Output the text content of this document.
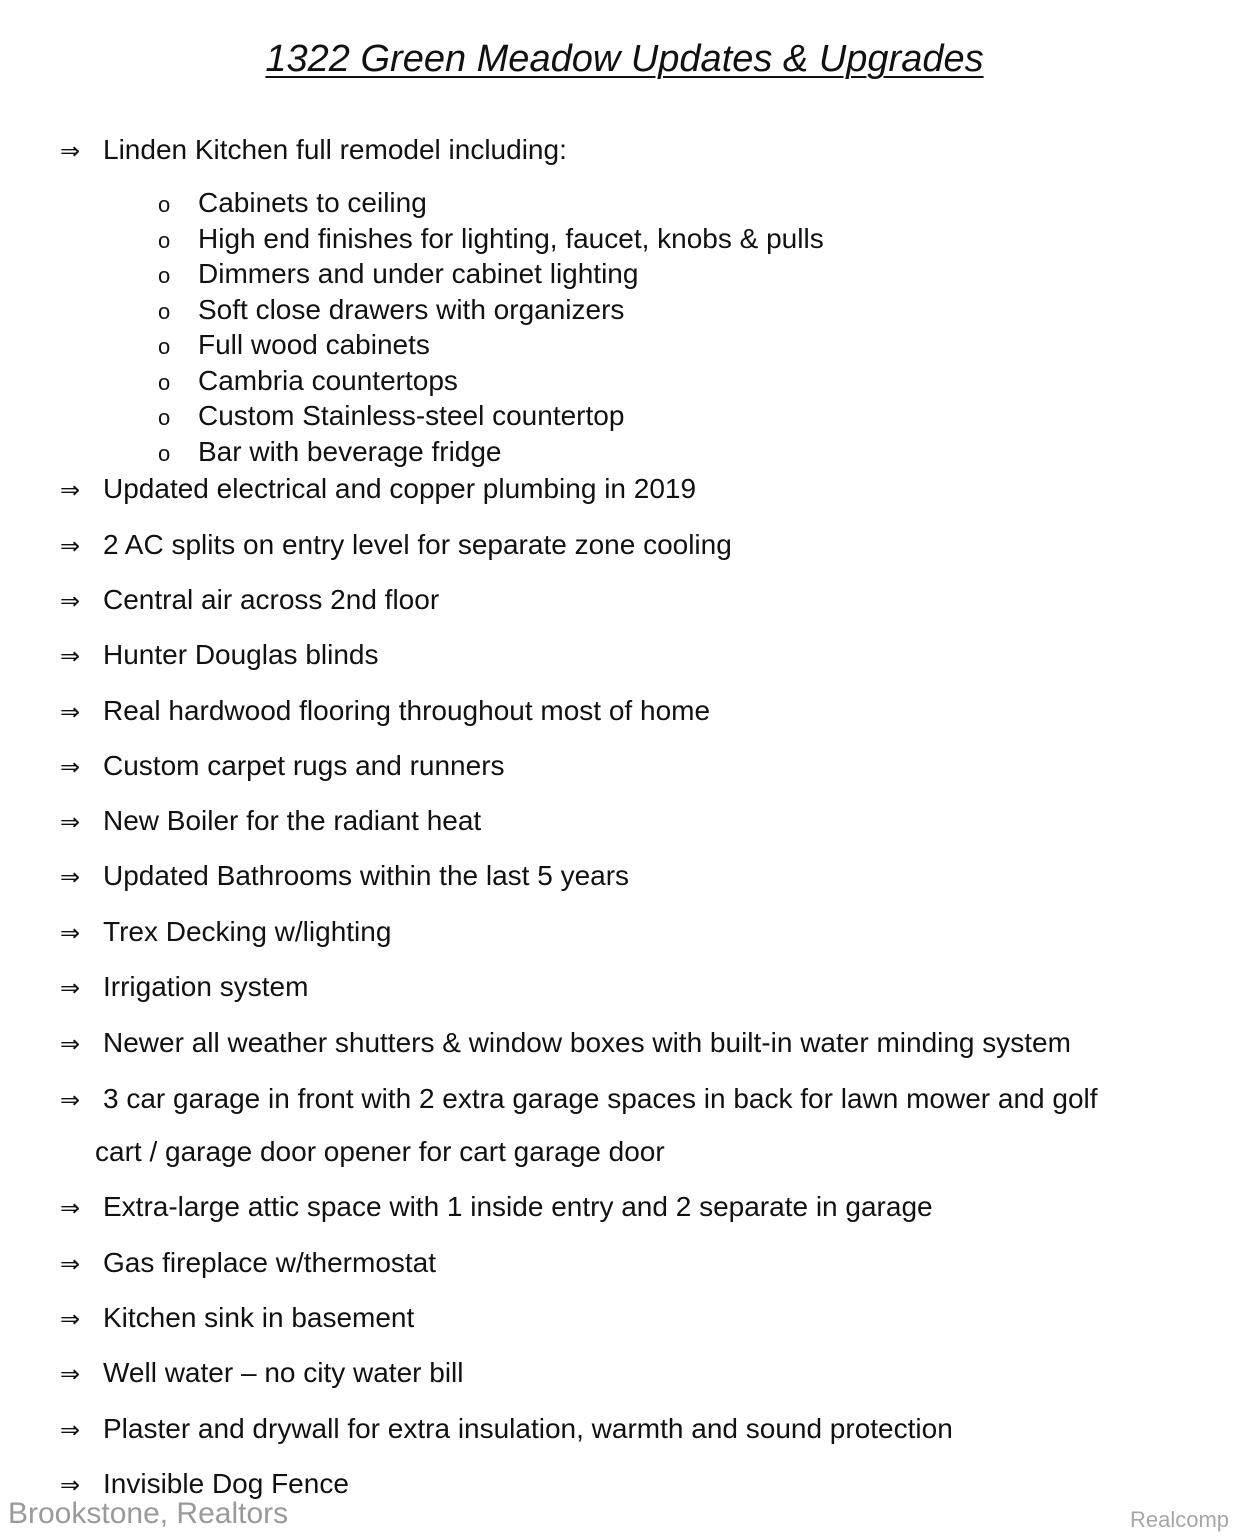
1322 Green Meadow Updates & Upgrades
⇒ Linden Kitchen full remodel including:
o Cabinets to ceiling
o High end finishes for lighting, faucet, knobs & pulls
o Dimmers and under cabinet lighting
o Soft close drawers with organizers
o Full wood cabinets
o Cambria countertops
o Custom Stainless-steel countertop
o Bar with beverage fridge
⇒ Updated electrical and copper plumbing in 2019
⇒ 2 AC splits on entry level for separate zone cooling
⇒ Central air across 2nd floor
⇒ Hunter Douglas blinds
⇒ Real hardwood flooring throughout most of home
⇒ Custom carpet rugs and runners
⇒ New Boiler for the radiant heat
⇒ Updated Bathrooms within the last 5 years
⇒ Trex Decking w/lighting
⇒ Irrigation system
⇒ Newer all weather shutters & window boxes with built-in water minding system
⇒ 3 car garage in front with 2 extra garage spaces in back for lawn mower and golf
cart / garage door opener for cart garage door
⇒ Extra-large attic space with 1 inside entry and 2 separate in garage
⇒ Gas fireplace w/thermostat
⇒ Kitchen sink in basement
⇒ Well water – no city water bill
⇒ Plaster and drywall for extra insulation, warmth and sound protection
⇒ Invisible Dog Fence
Brookstone, Realtors	Realcomp
